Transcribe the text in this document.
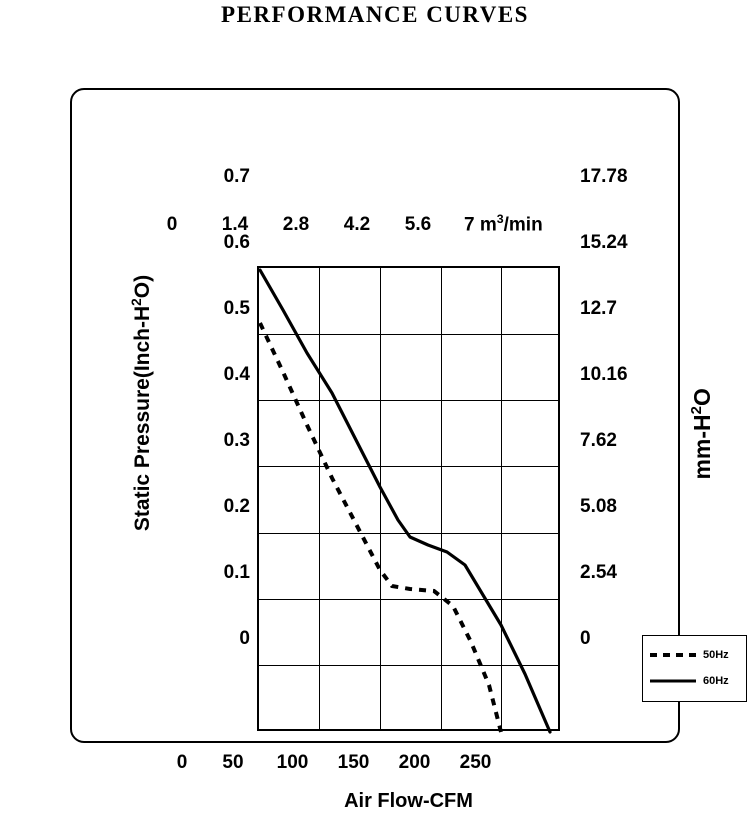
PERFORMANCE CURVES
0	1.4	2.8	4.2	5.6	7 $m^3/\min$
0.7
0.6
0.5
0.4
0.3
0.2
0.1
0
17.78
15.24
12.7
10.16
7.62
5.08
2.54
0
0	50	100	150	200	250
Static $Pressure(Inch-H^2O)$
$mm-H^2O$
Air Flow-CFM
50Hz
60Hz
